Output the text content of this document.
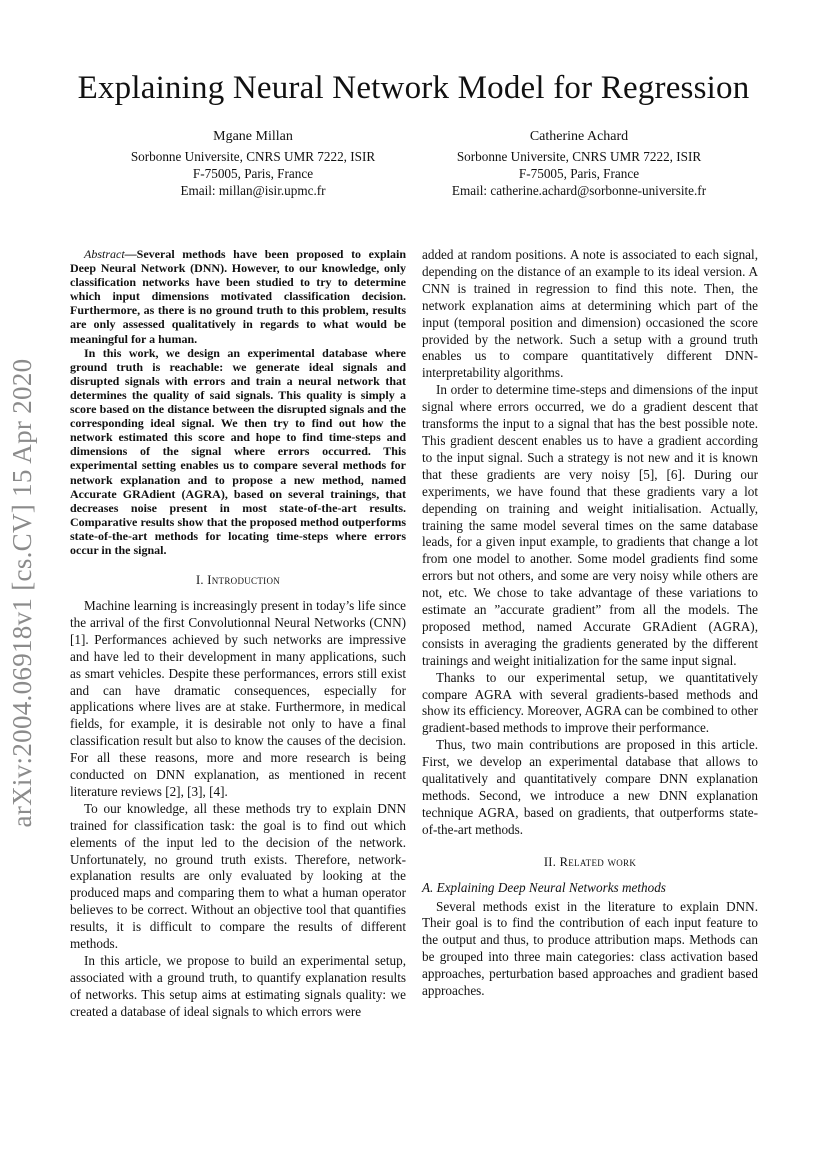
Explaining Neural Network Model for Regression
Mgane Millan
Sorbonne Universite, CNRS UMR 7222, ISIR
F-75005, Paris, France
Email: millan@isir.upmc.fr
Catherine Achard
Sorbonne Universite, CNRS UMR 7222, ISIR
F-75005, Paris, France
Email: catherine.achard@sorbonne-universite.fr
arXiv:2004.06918v1 [cs.CV] 15 Apr 2020

Abstract—Several methods have been proposed to explain Deep Neural Network (DNN). However, to our knowledge, only classification networks have been studied to try to determine which input dimensions motivated classification decision. Furthermore, as there is no ground truth to this problem, results are only assessed qualitatively in regards to what would be meaningful for a human.

In this work, we design an experimental database where ground truth is reachable: we generate ideal signals and disrupted signals with errors and train a neural network that determines the quality of said signals. This quality is simply a score based on the distance between the disrupted signals and the corresponding ideal signal. We then try to find out how the network estimated this score and hope to find time-steps and dimensions of the signal where errors occurred. This experimental setting enables us to compare several methods for network explanation and to propose a new method, named Accurate GRAdient (AGRA), based on several trainings, that decreases noise present in most state-of-the-art results. Comparative results show that the proposed method outperforms state-of-the-art methods for locating time-steps where errors occur in the signal.

I. Introduction

Machine learning is increasingly present in today’s life since the arrival of the first Convolutionnal Neural Networks (CNN) [1]. Performances achieved by such networks are impressive and have led to their development in many applications, such as smart vehicles. Despite these performances, errors still exist and can have dramatic consequences, especially for applications where lives are at stake. Furthermore, in medical fields, for example, it is desirable not only to have a final classification result but also to know the causes of the decision. For all these reasons, more and more research is being conducted on DNN explanation, as mentioned in recent literature reviews [2], [3], [4].

To our knowledge, all these methods try to explain DNN trained for classification task: the goal is to find out which elements of the input led to the decision of the network. Unfortunately, no ground truth exists. Therefore, network-explanation results are only evaluated by looking at the produced maps and comparing them to what a human operator believes to be correct. Without an objective tool that quantifies results, it is difficult to compare the results of different methods.

In this article, we propose to build an experimental setup, associated with a ground truth, to quantify explanation results of networks. This setup aims at estimating signals quality: we created a database of ideal signals to which errors were

added at random positions. A note is associated to each signal, depending on the distance of an example to its ideal version. A CNN is trained in regression to find this note. Then, the network explanation aims at determining which part of the input (temporal position and dimension) occasioned the score provided by the network. Such a setup with a ground truth enables us to compare quantitatively different DNN-interpretability algorithms.

In order to determine time-steps and dimensions of the input signal where errors occurred, we do a gradient descent that transforms the input to a signal that has the best possible note. This gradient descent enables us to have a gradient according to the input signal. Such a strategy is not new and it is known that these gradients are very noisy [5], [6]. During our experiments, we have found that these gradients vary a lot depending on training and weight initialisation. Actually, training the same model several times on the same database leads, for a given input example, to gradients that change a lot from one model to another. Some model gradients find some errors but not others, and some are very noisy while others are not, etc. We chose to take advantage of these variations to estimate an ”accurate gradient” from all the models. The proposed method, named Accurate GRAdient (AGRA), consists in averaging the gradients generated by the different trainings and weight initialization for the same input signal.

Thanks to our experimental setup, we quantitatively compare AGRA with several gradients-based methods and show its efficiency. Moreover, AGRA can be combined to other gradient-based methods to improve their performance.

Thus, two main contributions are proposed in this article. First, we develop an experimental database that allows to qualitatively and quantitatively compare DNN explanation methods. Second, we introduce a new DNN explanation technique AGRA, based on gradients, that outperforms state-of-the-art methods.

II. Related work
A. Explaining Deep Neural Networks methods

Several methods exist in the literature to explain DNN. Their goal is to find the contribution of each input feature to the output and thus, to produce attribution maps. Methods can be grouped into three main categories: class activation based approaches, perturbation based approaches and gradient based approaches.
